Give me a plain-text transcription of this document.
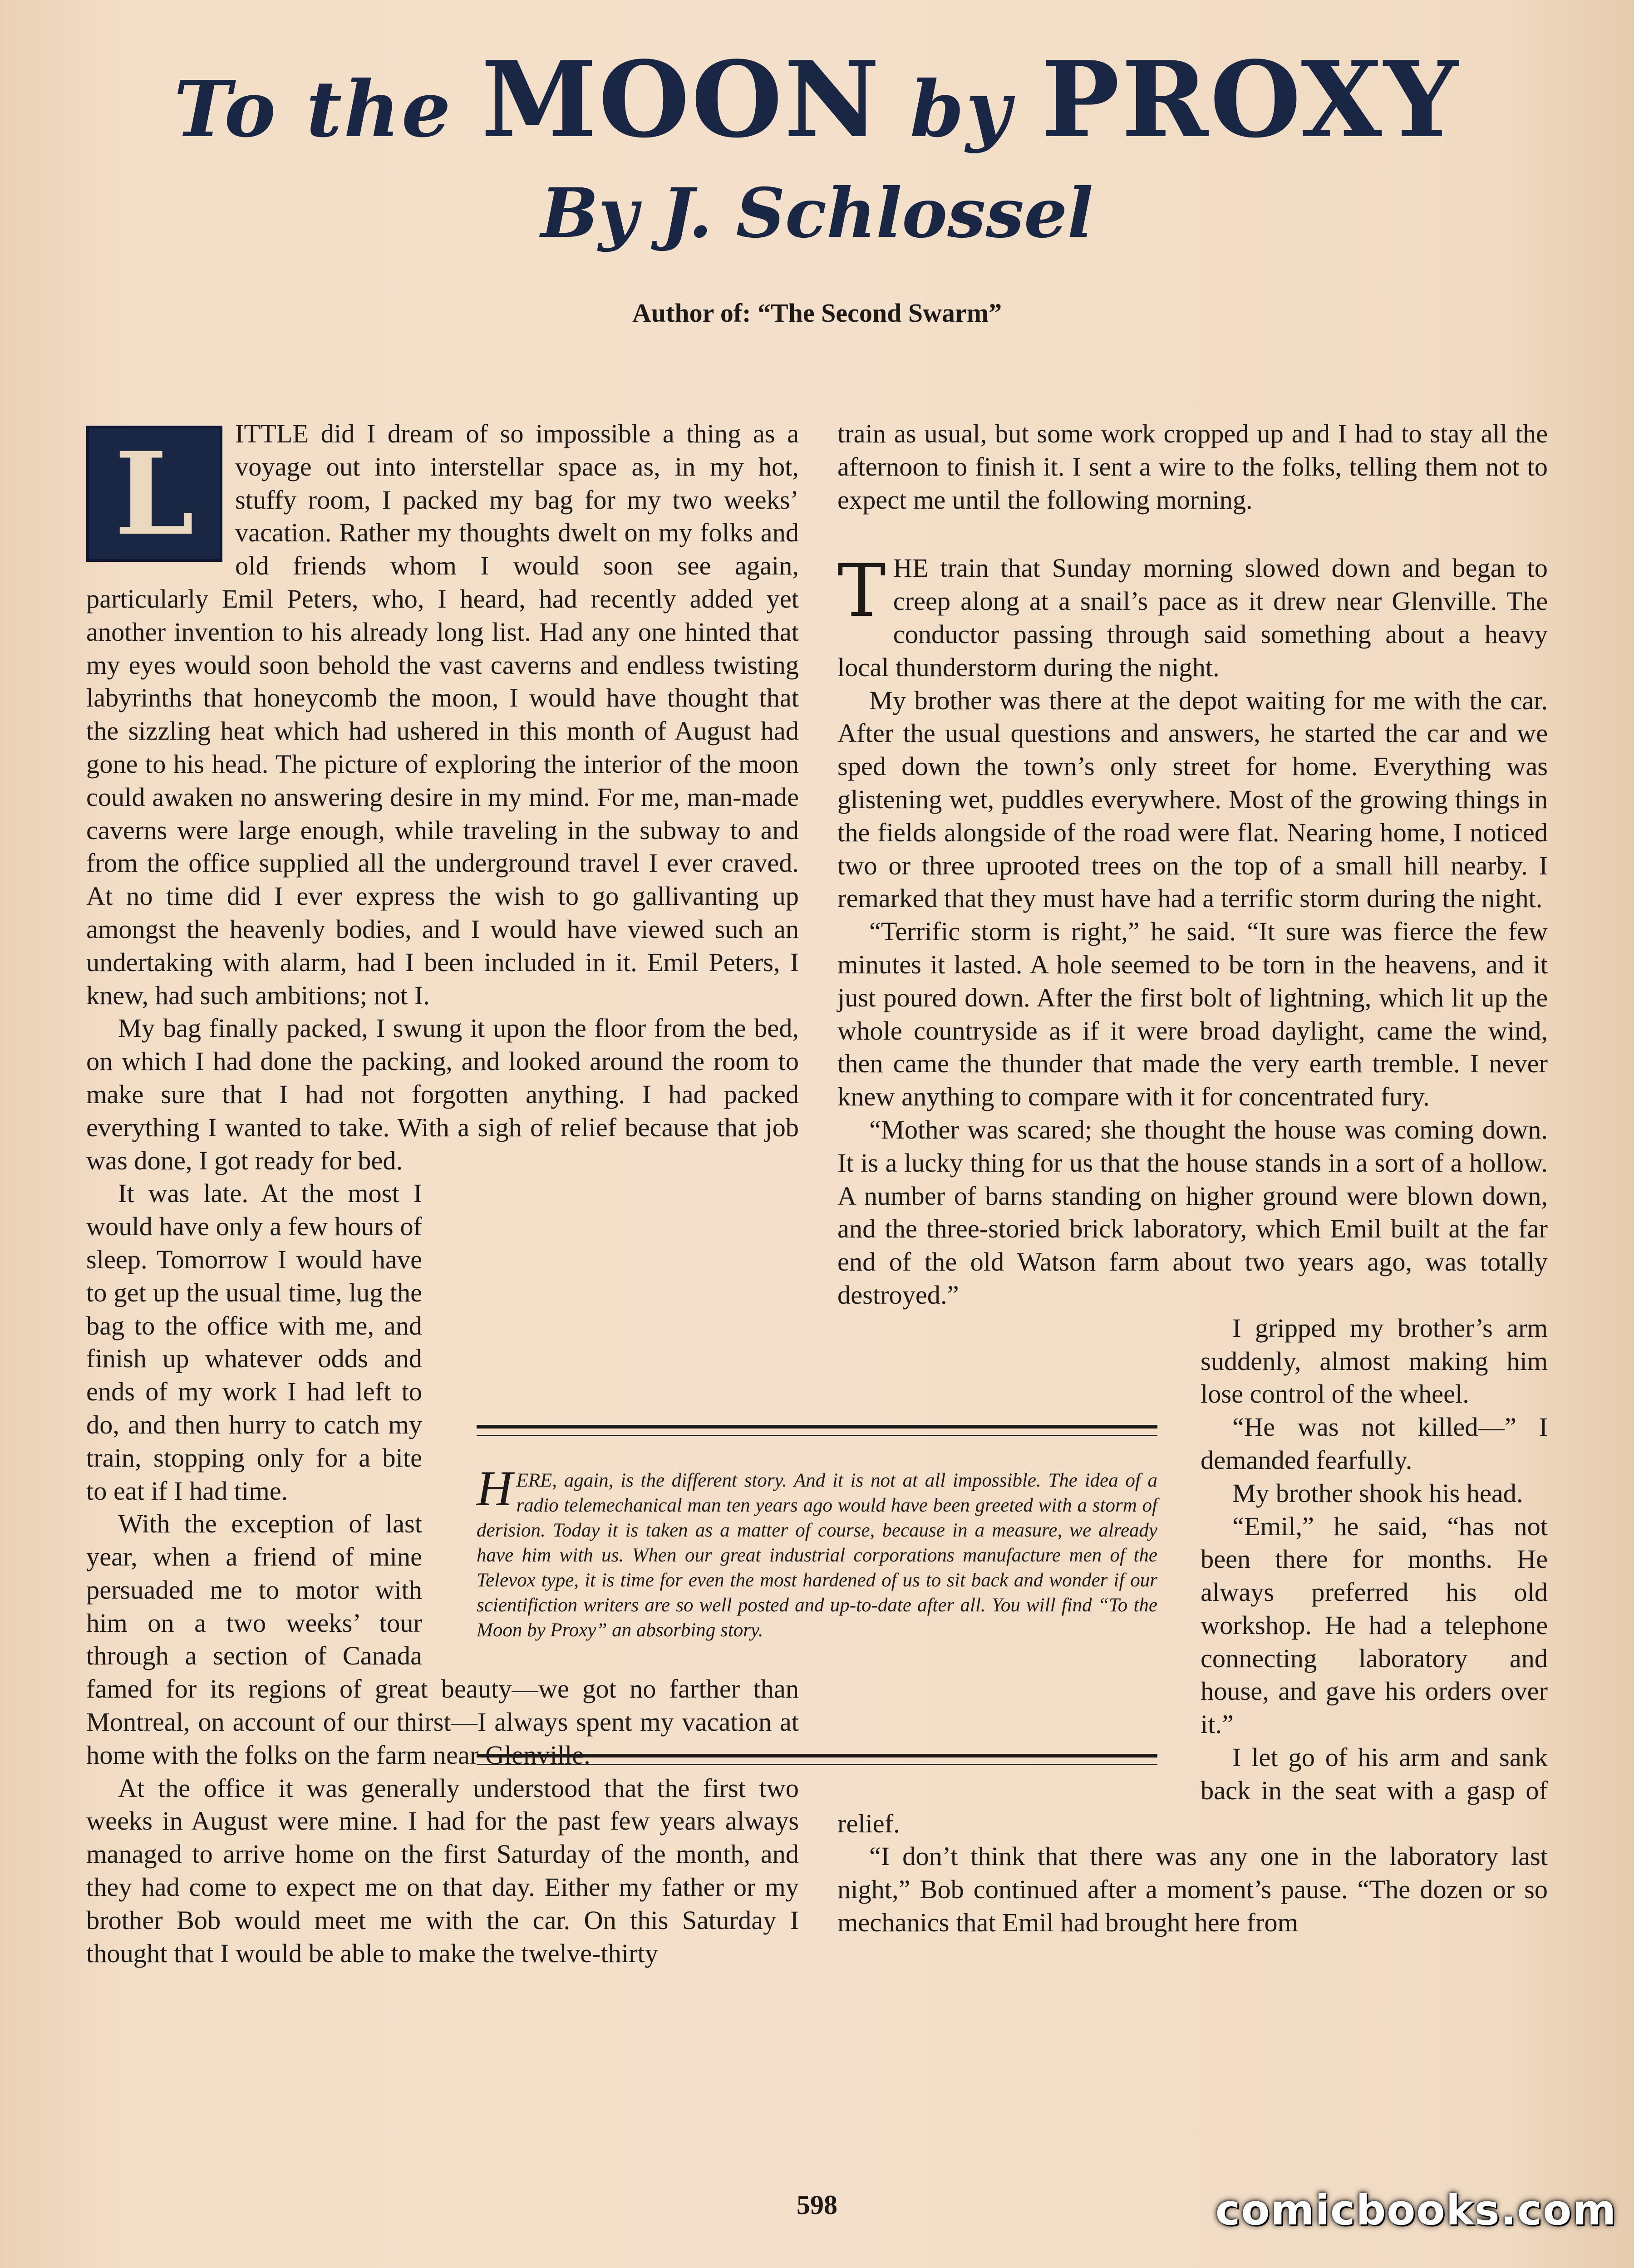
To the MOON by PROXY
By J. Schlossel
Author of: “The Second Swarm”

L	ITTLE did I dream of so impossible a thing as a voyage out into interstellar space as, in my hot, stuffy room, I packed my bag for my two weeks’ vacation. Rather my thoughts dwelt on my folks and old friends whom I would soon see again, particularly Emil Peters, who, I heard, had recently added yet another invention to his already long list. Had any one hinted that my eyes would soon behold the vast caverns and endless twisting labyrinths that honeycomb the moon, I would have thought that the sizzling heat which had ushered in this month of August had gone to his head. The picture of exploring the interior of the moon could awaken no answering desire in my mind. For me, man-made caverns were large enough, while traveling in the subway to and from the office supplied all the underground travel I ever craved. At no time did I ever express the wish to go gallivanting up amongst the heavenly bodies, and I would have viewed such an undertaking with alarm, had I been included in it. Emil Peters, I knew, had such ambitions; not I.

My bag finally packed, I swung it upon the floor from the bed, on which I had done the packing, and looked around the room to make sure that I had not forgotten anything. I had packed everything I wanted to take. With a sigh of relief because that job was done, I got ready for bed.

It was late. At the most I would have only a few hours of sleep. Tomorrow I would have to get up the usual time, lug the bag to the office with me, and finish up whatever odds and ends of my work I had left to do, and then hurry to catch my train, stopping only for a bite to eat if I had time.

With the exception of last year, when a friend of mine persuaded me to motor with him on a two weeks’ tour through a section of Canada famed for its regions of great beauty—we got no farther than Montreal, on account of our thirst—I always spent my vacation at home with the folks on the farm near Glenville.

At the office it was generally understood that the first two weeks in August were mine. I had for the past few years always managed to arrive home on the first Saturday of the month, and they had come to expect me on that day. Either my father or my brother Bob would meet me with the car. On this Saturday I thought that I would be able to make the twelve-thirty

train as usual, but some work cropped up and I had to stay all the afternoon to finish it. I sent a wire to the folks, telling them not to expect me until the following morning.

THE train that Sunday morning slowed down and began to creep along at a snail’s pace as it drew near Glenville. The conductor passing through said something about a heavy local thunderstorm during the night.

My brother was there at the depot waiting for me with the car. After the usual questions and answers, he started the car and we sped down the town’s only street for home. Everything was glistening wet, puddles everywhere. Most of the growing things in the fields alongside of the road were flat. Nearing home, I noticed two or three uprooted trees on the top of a small hill nearby. I remarked that they must have had a terrific storm during the night.

“Terrific storm is right,” he said. “It sure was fierce the few minutes it lasted. A hole seemed to be torn in the heavens, and it just poured down. After the first bolt of lightning, which lit up the whole countryside as if it were broad daylight, came the wind, then came the thunder that made the very earth tremble. I never knew anything to compare with it for concentrated fury.

“Mother was scared; she thought the house was coming down. It is a lucky thing for us that the house stands in a sort of a hollow. A number of barns standing on higher ground were blown down, and the three-storied brick laboratory, which Emil built at the far end of the old Watson farm about two years ago, was totally destroyed.”

I gripped my brother’s arm suddenly, almost making him lose control of the wheel.

“He was not killed—” I demanded fearfully.

My brother shook his head.

“Emil,” he said, “has not been there for months. He always preferred his old workshop. He had a telephone connecting laboratory and house, and gave his orders over it.”

I let go of his arm and sank back in the seat with a gasp of relief.

“I don’t think that there was any one in the laboratory last night,” Bob continued after a moment’s pause. “The dozen or so mechanics that Emil had brought here from

HERE, again, is the different story. And it is not at all impossible. The idea of a radio telemechanical man ten years ago would have been greeted with a storm of derision. Today it is taken as a matter of course, because in a measure, we already have him with us. When our great industrial corporations manufacture men of the Televox type, it is time for even the most hardened of us to sit back and wonder if our scientifiction writers are so well posted and up-to-date after all. You will find “To the Moon by Proxy” an absorbing story.
598	comicbooks.com
